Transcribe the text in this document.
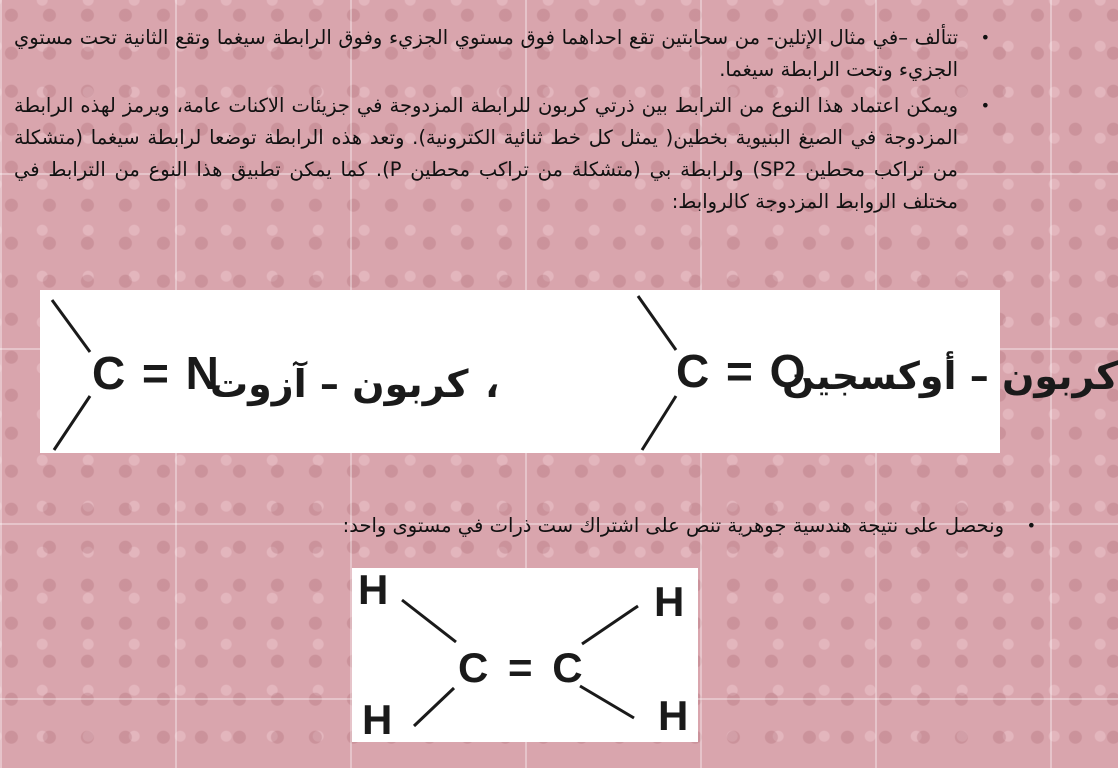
•
تتألف –في مثال الإتلين- من سحابتين تقع احداهما فوق مستوي الجزيء وفوق الرابطة سيغما وتقع الثانية تحت مستوي الجزيء وتحت الرابطة سيغما.
•
ويمكن اعتماد هذا النوع من الترابط بين ذرتي كربون للرابطة المزدوجة في جزيئات الاكنات عامة، ويرمز لهذه الرابطة المزدوجة في الصيغ البنيوية بخطين( يمثل كل خط ثنائية الكترونية). وتعد هذه الرابطة توضعا لرابطة سيغما (متشكلة من تراكب محطين SP2) ولرابطة بي (متشكلة من تراكب محطين P). كما يمكن تطبيق هذا النوع من الترابط في مختلف الروابط المزدوجة كالروابط:
C = N
كربون – آزوت ،	C = O
كربون – أوكسجين
•
ونحصل على نتيجة هندسية جوهرية تنص على اشتراك ست ذرات في مستوى واحد:
H	H
H	H
C = C
